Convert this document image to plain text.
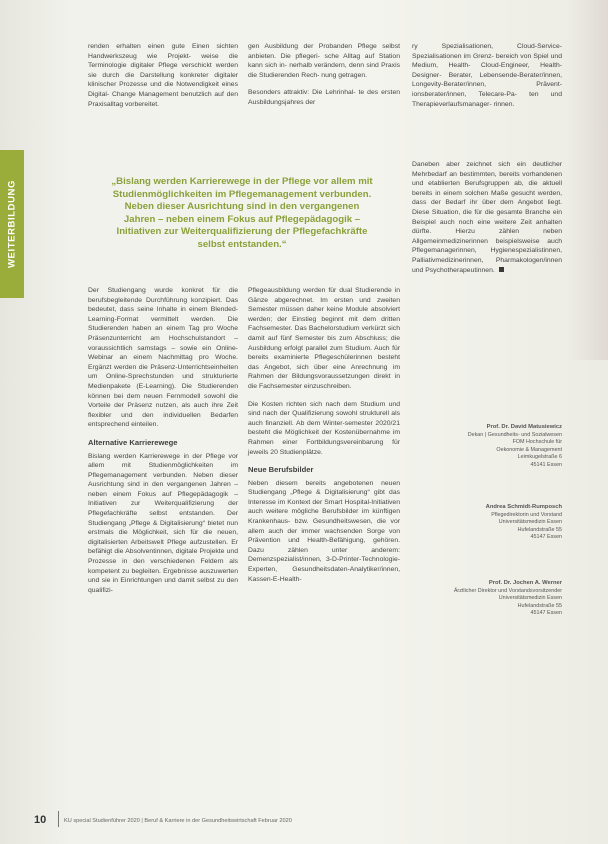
WEITERBILDUNG

renden erhalten einen gute Einen sichten Handwerkszeug wie Projekt- weise die Terminologie digitaler Pflege verschickt werden sie durch die Darstellung konkreter digitaler klinischer Prozesse und die Notwendigkeit eines Digital- Change Management benutzlich auf den Praxisalltag vorbereitet.

gen Ausbildung der Probanden Pflege selbst anbieten. Die pflegeri- sche Alltag auf Station kann sich in- nerhalb verändern, denn sind Praxis die Studierenden Rech- nung getragen.

Besonders attraktiv: Die Lehrinhal- te des ersten Ausbildungsjahres der

ry Spezialisationen, Cloud-Service- Spezialisationen im Grenz- bereich von Spiel und Medium, Health- Cloud-Engineer, Health-Designer- Berater, Lebensende-Berater/innen, Longevity-Berater/innen, Prävent- ionsberater/innen, Telecare-Pa- ten und Therapieverlaufsmanager- rinnen.

„Bislang werden Karrierewege in der Pflege vor allem mit Studienmöglichkeiten im Pflegemanagement verbunden. Neben dieser Ausrichtung sind in den vergangenen Jahren – neben einem Fokus auf Pflegepädagogik – Initiativen zur Weiterqualifizierung der Pflegefachkräfte selbst entstanden.“

Daneben aber zeichnet sich ein deutlicher Mehrbedarf an bestimmten, bereits vorhandenen und etablierten Berufsgruppen ab, die aktuell bereits in einem solchen Maße gesucht werden, dass der Bedarf ihr über dem Angebot liegt. Diese Situation, die für die gesamte Branche ein Beispiel auch noch eine weitere Zeit anhalten dürfte. Hierzu zählen neben Allgemeinmedizinerinnen beispielsweise auch Pflegemanagerinnen, Hygienespezialistinnen, Palliativmedizinerinnen, Pharmakologen/innen und Psychotherapeutinnen.

Der Studiengang wurde konkret für die berufsbegleitende Durchführung konzipiert. Das bedeutet, dass seine Inhalte in einem Blended-Learning-Format vermittelt werden. Die Studierenden haben an einem Tag pro Woche Präsenzunterricht am Hochschulstandort – voraussichtlich samstags – sowie ein Online-Webinar an einem Nachmittag pro Woche. Ergänzt werden die Präsenz-Unterrichtseinheiten um Online-Sprechstunden und strukturierte Medienpakete (E-Learning). Die Studierenden können bei dem neuen Fernmodell sowohl die Vorteile der Präsenz nutzen, als auch ihre Zeit flexibler und den individuellen Bedarfen entsprechend einteilen.

Alternative Karrierewege

Bislang werden Karrierewege in der Pflege vor allem mit Studienmöglichkeiten im Pflegemanagement verbunden. Neben dieser Ausrichtung sind in den vergangenen Jahren – neben einem Fokus auf Pflegepädagogik – Initiativen zur Weiterqualifizierung der Pflegefachkräfte selbst entstanden. Der Studiengang „Pflege & Digitalisierung“ bietet nun erstmals die Möglichkeit, sich für die neuen, digitalisierten Arbeitswelt Pflege aufzustellen. Er befähigt die Absolventinnen, digitale Projekte und Prozesse in den verschiedenen Feldern als kompetent zu begleiten. Ergebnisse auszuwerten und sie in Einrichtungen und damit selbst zu den qualifizi-

Pflegeausbildung werden für dual Studierende in Gänze abgerechnet. Im ersten und zweiten Semester müssen daher keine Module absolviert werden; der Einstieg beginnt mit dem dritten Fachsemester. Das Bachelorstudium verkürzt sich damit auf fünf Semester bis zum Abschluss; die Ausbildung erfolgt parallel zum Studium. Auch für bereits examinierte Pflegeschülerinnen besteht das Angebot, sich über eine Anrechnung im Rahmen der Bildungsvoraussetzungen direkt in die Fachsemester einzuschreiben.

Die Kosten richten sich nach dem Studium und sind nach der Qualifizierung sowohl strukturell als auch finanziell. Ab dem Winter-semester 2020/21 besteht die Möglichkeit der Kostenübernahme im Rahmen einer Fortbildungsvereinbarung für jeweils 20 Studienplätze.

Neue Berufsbilder

Neben diesem bereits angebotenen neuen Studiengang „Pflege & Digitalisierung“ gibt das Interesse im Kontext der Smart Hospital-Initiativen auch weitere mögliche Berufsbilder im künftigen Krankenhaus- bzw. Gesundheitswesen, die vor allem auch der immer wachsenden Sorge von Prävention und Health-Befähigung, gehören. Dazu zählen unter anderem: Demenzspezialist/innen, 3-D-Printer-Technologie-Experten, Gesundheitsdaten-Analytiker/innen, Kassen-E-Health-

Prof. Dr. David Matusiewicz
Dekan | Gesundheits- und Sozialwesen
FOM Hochschule für
Oekonomie & Management
Leimkugelstraße 6
45141 Essen
Andrea Schmidt-Rumposch
Pflegedirektorin und Vorstand
Universitätsmedizin Essen
Hufelandstraße 55
45147 Essen
Prof. Dr. Jochen A. Werner
Ärztlicher Direktor und Vorstandsvorsitzender
Universitätsmedizin Essen
Hufelandstraße 55
45147 Essen
10	KU special Studienführer 2020 | Beruf & Karriere in der Gesundheitswirtschaft Februar 2020
